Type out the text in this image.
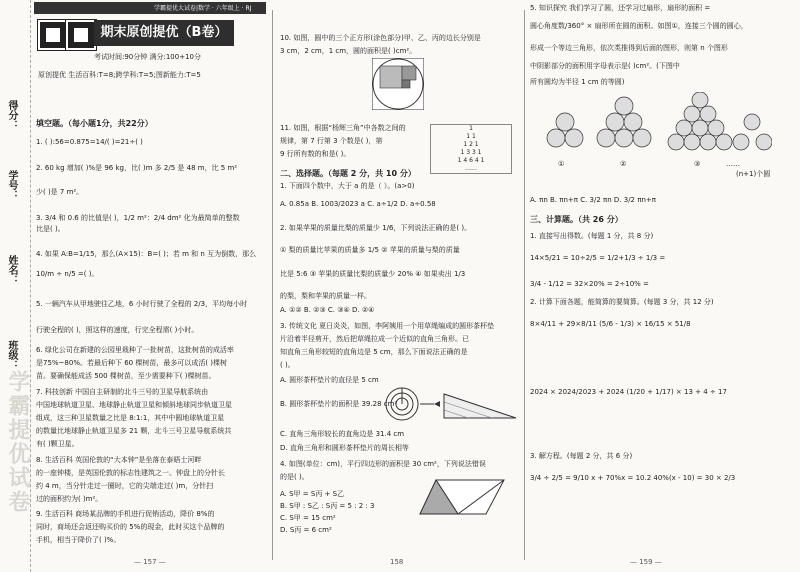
得分：
学号：
姓名：
班级：
学霸提优试卷
学霸提优大试卷|数学 · 六年级上 · RJ
期末原创提优（B卷）
考试时间:90分钟 满分:100+10分
原创提优 生活百科:T=8;跨学科:T=5;图新能力:T=5
填空题。（每小题1分，共22分）
1. ( ):56=0.875=14/( )=21÷( )
2. 60 kg 增加( )%是 96 kg，比( )m 多 2/5 是 48 m，比 5 m²
少( )是 7 m²。
3. 3/4 和 0.6 的比值是( )，1/2 m²：2/4 dm² 化为最简单的整数
比是( )。
4. 如果 A:B=1/15，那么(A×15)：B=( )；若 m 和 n 互为倒数，那么
10/m ÷ n/5 =( )。
5. 一辆汽车从甲地驶往乙地，6 小时行驶了全程的 2/3，平均每小时
行驶全程的( )，照这样的速度，行完全程需( )小时。
6. 绿化公司在新建的公园里栽种了一批树苗，这批树苗的成活率
是75%~80%。若最后种下 60 棵树苗，最多可以成活( )棵树
苗。要确保能成活 500 棵树苗，至少需要种下( )棵树苗。
7. 科技创新 中国自主研制的北斗三号的卫星导航系统由
中国地球轨道卫星、地球静止轨道卫星和倾斜地球同步轨道卫星
组成，这三种卫星数量之比是 8:1:1，其中中圆地球轨道卫星
的数量比地球静止轨道卫星多 21 颗，北斗三号卫星导航系统共
有( )颗卫星。
8. 生活百科 英国伦敦的“大本钟”是坐落在泰晤士河畔
的一座钟楼，是英国伦敦的标志性建筑之一。钟盘上的分针长
约 4 m，当分针走过一圈时，它的尖端走过( )m，分针扫
过的面积约为( )m²。
9. 生活百科 商场某品牌的手机进行促销活动，降价 8%的
同时，商场还会返还购买价的 5%的现金，此时买这个品牌的
手机，相当于降价了( )%。
— 157 —
10. 如图，圆中的三个正方形(涂色部分)甲、乙、丙的边长分别是
3 cm，2 cm，1 cm，圆的面积是( )cm²。
11. 如图，根据“杨辉三角”中各数之间的
规律，第 7 行第 3 个数是( )，第
9 行所有数的和是( )。
1
1 1
1 2 1
1 3 3 1
1 4 6 4 1
……
二、选择题。（每题 2 分，共 10 分）
1. 下面四个数中，大于 a 的是（ ）。(a>0)
A. 0.85a B. 1003/2023 a C. a÷1/2 D. a÷0.58
2. 如果苹果的质量比梨的质量少 1/6，下列说法正确的是( )。
① 梨的质量比苹果的质量多 1/5 ② 苹果的质量与梨的质量
比是 5:6 ③ 苹果的质量比梨的质量少 20% ④ 如果卖出 1/3
的梨，梨和苹果的质量一样。
A. ①② B. ②③ C. ③④ D. ②④
3. 传统文化 夏日炎炎，如图，李阿姨用一个用草绳编成的圆形茶杯垫
片沿着半径剪开，然后把草绳拉成一个近似的直角三角形。已
知直角三角形较短的直角边是 5 cm，那么下面说法正确的是
( )。
A. 圆形茶杯垫片的直径是 5 cm
B. 圆形茶杯垫片的面积是 39.28 cm²
C. 直角三角形较长的直角边是 31.4 cm
D. 直角三角形和圆形茶杯垫片的周长相等
4. 如图(单位：cm)，平行四边形的面积是 30 cm²，下列说法错误
的是( )。
A. S甲 = S丙 + S乙
B. S甲 : S乙 : S丙 = 5 : 2 : 3
C. S甲 = 15 cm²
D. S丙 = 6 cm²
158
5. 知识探究 我们学习了圆，还学习过扇形，扇形的面积 =
圆心角度数/360° × 扇形所在圆的面积。如图①，连接三个圆的圆心，
形成一个等边三角形，依次类推得到后面的图形，则第 n 个图形
中阴影部分的面积用字母表示是( )cm²。(下图中
所有圆均为半径 1 cm 的等圆)
①	②	③	……
(n+1)个圆
A. πn B. πn+π C. 3/2 πn D. 3/2 πn+π
三、计算题。（共 26 分）
1. 直接写出得数。(每题 1 分，共 8 分)
14×5/21 = 10÷2/5 = 1/2+1/3 ÷ 1/3 =
3/4 - 1/12 = 32×20% = 2÷10% =
2. 计算下面各题，能简算的要简算。(每题 3 分，共 12 分)
8×4/11 + 29×8/11 (5/6 - 1/3) × 16/15 × 51/8
2024 × 2024/2023 + 2024 (1/20 + 1/17) × 13 + 4 ÷ 17
3. 解方程。(每题 2 分，共 6 分)
3/4 ÷ 2/5 = 9/10 x + 70%x = 10.2 40%(x - 10) = 30 × 2/3
— 159 —
